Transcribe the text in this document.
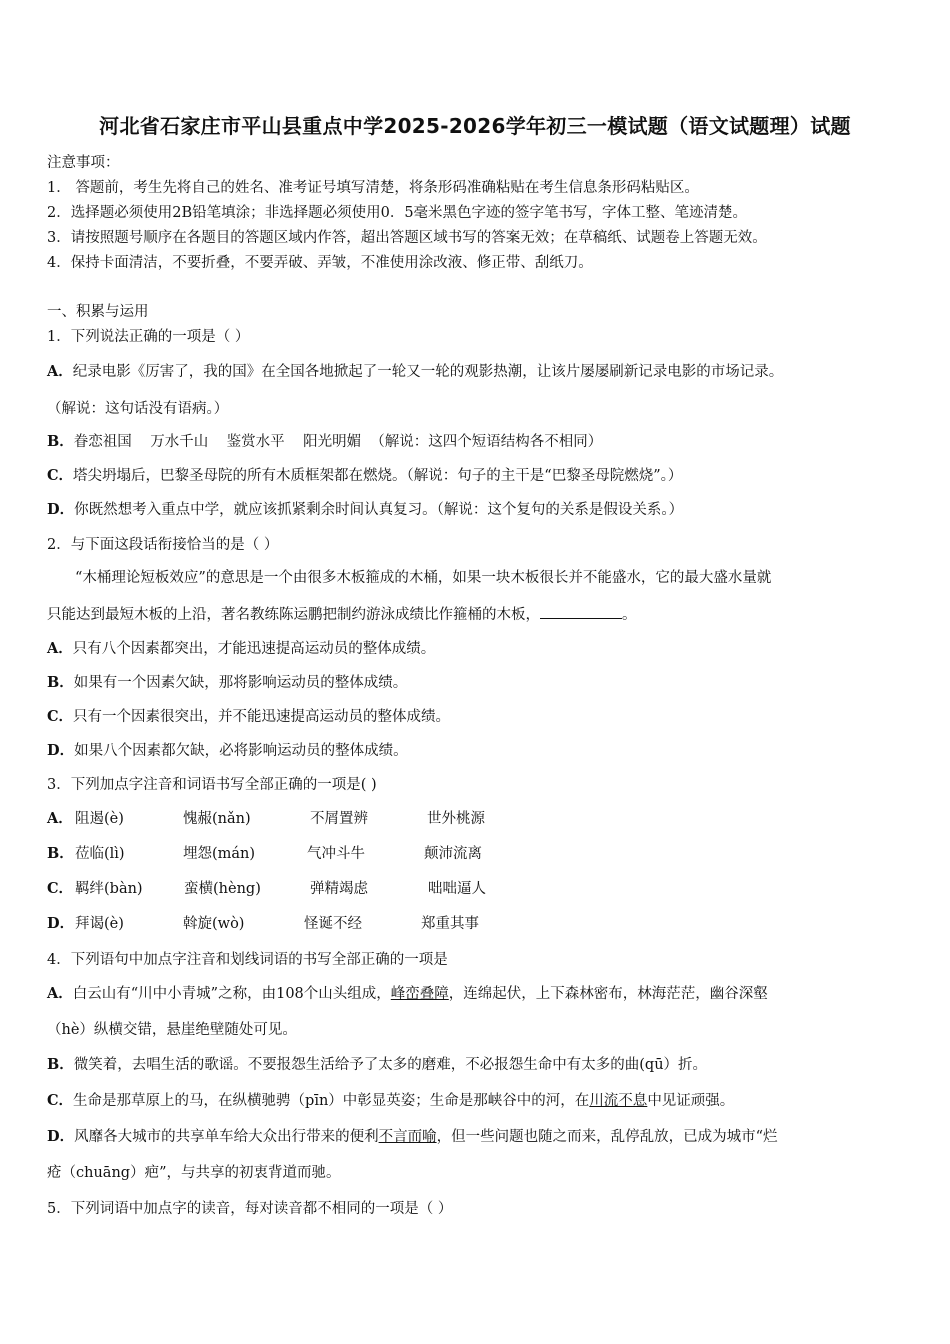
河北省石家庄市平山县重点中学2025-2026学年初三一模试题（语文试题理）试题
注意事项：
1． 答题前，考生先将自己的姓名、准考证号填写清楚，将条形码准确粘贴在考生信息条形码粘贴区。
2．选择题必须使用2B铅笔填涂；非选择题必须使用0．5毫米黑色字迹的签字笔书写，字体工整、笔迹清楚。
3．请按照题号顺序在各题目的答题区域内作答，超出答题区域书写的答案无效；在草稿纸、试题卷上答题无效。
4．保持卡面清洁，不要折叠，不要弄破、弄皱，不准使用涂改液、修正带、刮纸刀。
一、积累与运用
1．下列说法正确的一项是（ ）
A．纪录电影《厉害了，我的国》在全国各地掀起了一轮又一轮的观影热潮，让该片屡屡刷新记录电影的市场记录。
（解说：这句话没有语病。）
B．眷恋祖国    万水千山    鉴赏水平    阳光明媚  （解说：这四个短语结构各不相同）
C．塔尖坍塌后，巴黎圣母院的所有木质框架都在燃烧。（解说：句子的主干是“巴黎圣母院燃烧”。）
D．你既然想考入重点中学，就应该抓紧剩余时间认真复习。（解说：这个复句的关系是假设关系。）
2．与下面这段话衔接恰当的是（ ）
“木桶理论短板效应”的意思是一个由很多木板箍成的木桶，如果一块木板很长并不能盛水，它的最大盛水量就
只能达到最短木板的上沿，著名教练陈运鹏把制约游泳成绩比作箍桶的木板，	。
A．只有八个因素都突出，才能迅速提高运动员的整体成绩。
B．如果有一个因素欠缺，那将影响运动员的整体成绩。
C．只有一个因素很突出，并不能迅速提高运动员的整体成绩。
D．如果八个因素都欠缺，必将影响运动员的整体成绩。
3．下列加点字注音和词语书写全部正确的一项是( )
A． 阻遏(è)	愧赧(nǎn)	不屑置辨	世外桃源
B． 莅临(lì)	埋怨(mán)	气冲斗牛	颠沛流离
C． 羁绊(bàn)	蛮横(hèng)	弹精竭虑	咄咄逼人
D． 拜谒(è)	斡旋(wò)	怪诞不经	郑重其事
4．下列语句中加点字注音和划线词语的书写全部正确的一项是
A．白云山有“川中小青城”之称，由108个山头组成，峰峦叠障，连绵起伏，上下森林密布，林海茫茫，幽谷深壑
（hè）纵横交错，悬崖绝壁随处可见。
B．微笑着，去唱生活的歌谣。不要报怨生活给予了太多的磨难，不必报怨生命中有太多的曲(qū）折。
C．生命是那草原上的马，在纵横驰骋（pīn）中彰显英姿；生命是那峡谷中的河，在川流不息中见证顽强。
D．风靡各大城市的共享单车给大众出行带来的便利不言而喻，但一些问题也随之而来，乱停乱放，已成为城市“烂
疮（chuāng）疤”，与共享的初衷背道而驰。
5．下列词语中加点字的读音，每对读音都不相同的一项是（ ）
